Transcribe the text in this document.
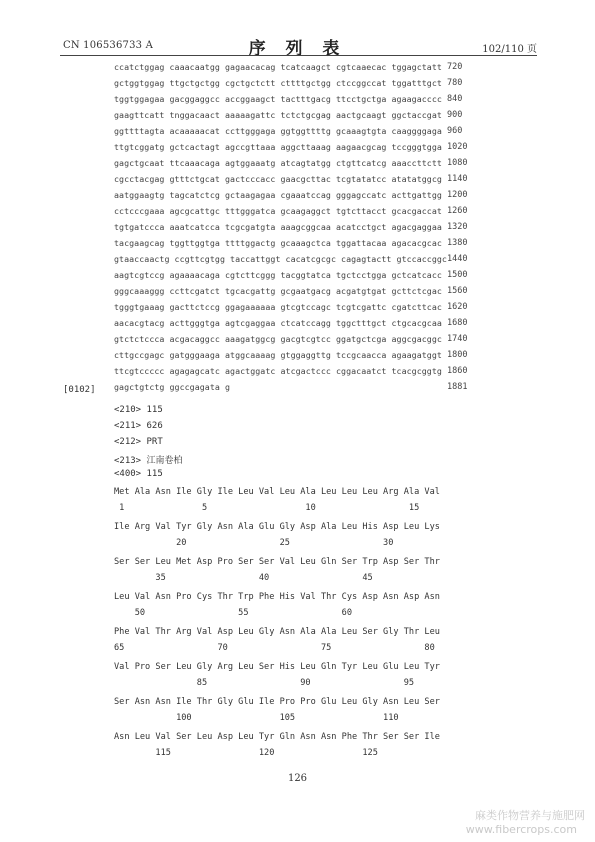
CN 106536733 A	序 列 表	102/110 页
ccatctggag caaacaatgg gagaacacag tcatcaagct cgtcaaecac tggagctatt 720
gctggtggag ttgctgctgg cgctgctctt cttttgctgg ctccggccat tggatttgct 780
tggtggagaa gacggaggcc accggaagct tactttgacg ttcctgctga agaagacccc 840
gaagttcatt tnggacaact aaaaagattc tctctgcgag aactgcaagt ggctaccgat 900
ggttttagta acaaaaacat ccttgggaga ggtggttttg gcaaagtgta caaggggaga 960
ttgtcggatg gctcactagt agccgttaaa aggcttaaag aagaacgcag tccgggtgga 1020
gagctgcaat ttcaaacaga agtggaaatg atcagtatgg ctgttcatcg aaaccttctt 1080
cgcctacgag gtttctgcat gactcccacc gaacgcttac tcgtatatcc atatatggcg 1140
aatggaagtg tagcatctcg gctaagagaa cgaaatccag gggagccatc acttgattgg 1200
cctcccgaaa agcgcattgc tttgggatca gcaagaggct tgtcttacct gcacgaccat 1260
tgtgatccca aaatcatcca tcgcgatgta aaagcggcaa acatcctgct agacgaggaa 1320
tacgaagcag tggttggtga ttttggactg gcaaagctca tggattacaa agacacgcac 1380
gtaaccaactg ccgttcgtgg taccattggt cacatcgcgc cagagtactt gtccaccggc 1440
aagtcgtccg agaaaacaga cgtcttcggg tacggtatca tgctcctgga gctcatcacc 1500
gggcaaaggg ccttcgatct tgcacgattg gcgaatgacg acgatgtgat gcttctcgac 1560
tgggtgaaag gacttctccg ggagaaaaaa gtcgtccagc tcgtcgattc cgatcttcac 1620
aacacgtacg acttgggtga agtcgaggaa ctcatccagg tggctttgct ctgcacgcaa 1680
gtctctccca acgacaggcc aaagatggcg gacgtcgtcc ggatgctcga aggcgacggc 1740
cttgccgagc gatgggaaga atggcaaaag gtggaggttg tccgcaacca agaagatggt 1800
ttcgtccccc agagagcatc agactggatc atcgactccc cggacaatct tcacgcggtg 1860
gagctgtctg ggccgagata g	1881
[0102]
<210> 115
<211> 626
<212> PRT
<213> 江南卷柏
<400> 115
Met Ala Asn Ile Gly Ile Leu Val Leu Ala Leu Leu Leu Arg Ala Val
1               5                   10                  15
Ile Arg Val Tyr Gly Asn Ala Glu Gly Asp Ala Leu His Asp Leu Lys
20                  25                  30
Ser Ser Leu Met Asp Pro Ser Ser Val Leu Gln Ser Trp Asp Ser Thr
35                  40                  45
Leu Val Asn Pro Cys Thr Trp Phe His Val Thr Cys Asp Asn Asp Asn
50                  55                  60
Phe Val Thr Arg Val Asp Leu Gly Asn Ala Ala Leu Ser Gly Thr Leu
65                  70                  75                  80
Val Pro Ser Leu Gly Arg Leu Ser His Leu Gln Tyr Leu Glu Leu Tyr
85                  90                  95
Ser Asn Asn Ile Thr Gly Glu Ile Pro Pro Glu Leu Gly Asn Leu Ser
100                 105                 110
Asn Leu Val Ser Leu Asp Leu Tyr Gln Asn Asn Phe Thr Ser Ser Ile
115                 120                 125
126
麻类作物营养与施肥网
www.fibercrops.com
